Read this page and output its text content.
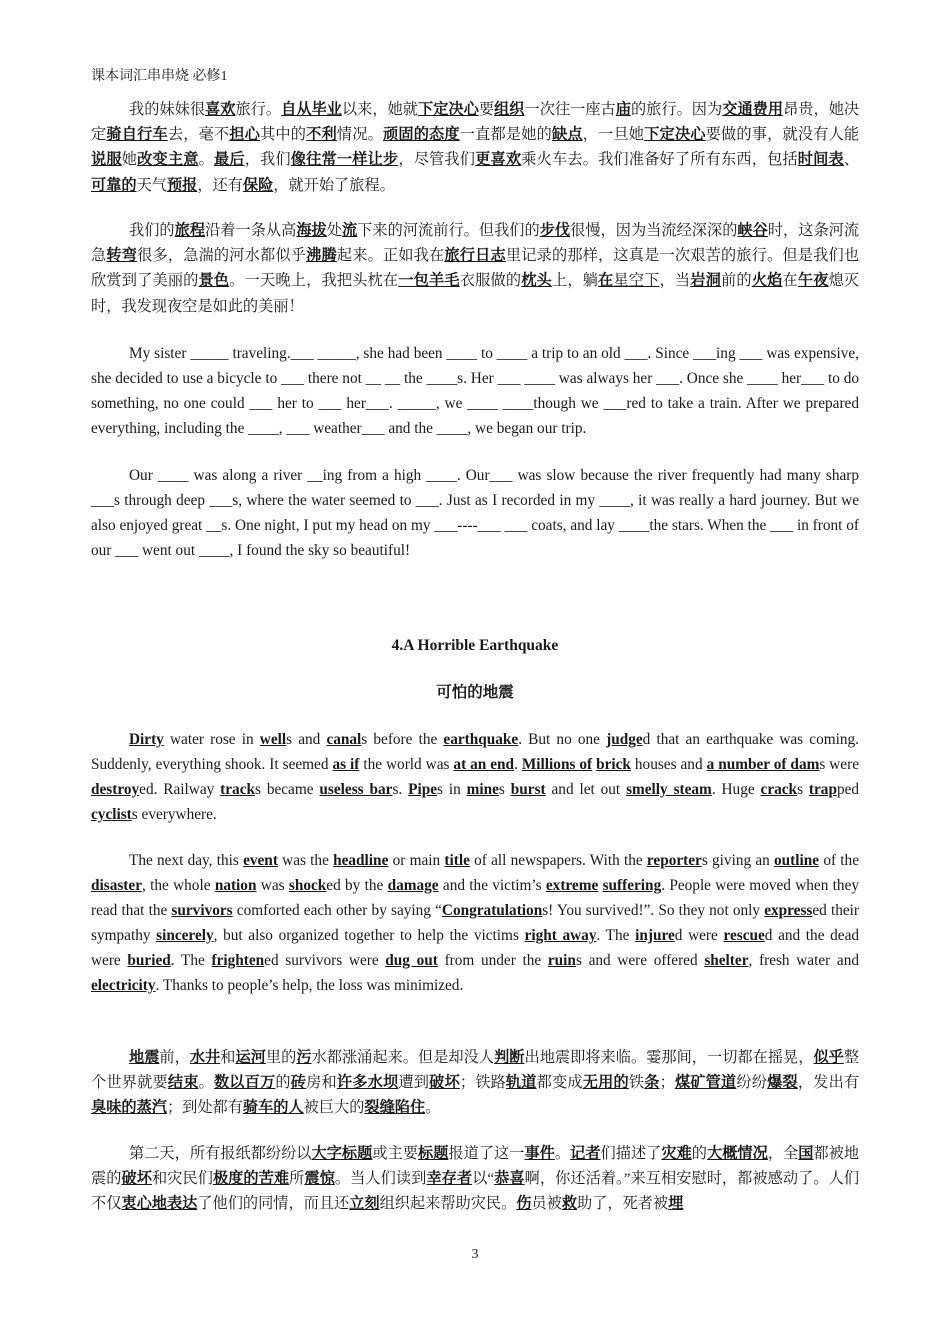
课本词汇串串烧 必修1

我的妹妹很喜欢旅行。自从毕业以来，她就下定决心要组织一次往一座古庙的旅行。因为交通费用昂贵，她决定骑自行车去，毫不担心其中的不利情况。顽固的态度一直都是她的缺点，一旦她下定决心要做的事，就没有人能说服她改变主意。最后，我们像往常一样让步，尽管我们更喜欢乘火车去。我们准备好了所有东西，包括时间表、可靠的天气预报，还有保险，就开始了旅程。

我们的旅程沿着一条从高海拔处流下来的河流前行。但我们的步伐很慢，因为当流经深深的峡谷时，这条河流急转弯很多，急湍的河水都似乎沸腾起来。正如我在旅行日志里记录的那样，这真是一次艰苦的旅行。但是我们也欣赏到了美丽的景色。一天晚上，我把头枕在一包羊毛衣服做的枕头上，躺在星空下，当岩洞前的火焰在午夜熄灭时，我发现夜空是如此的美丽！

My sister _____ traveling.___ _____, she had been ____ to ____ a trip to an old ___. Since ___ing ___ was expensive, she decided to use a bicycle to ___ there not __ __ the ____s. Her ___ ____ was always her ___. Once she ____ her___ to do something, no one could ___ her to ___ her___. _____, we ____ ____though we ___red to take a train. After we prepared everything, including the ____, ___ weather___ and the ____, we began our trip.

Our ____ was along a river __ing from a high ____. Our___ was slow because the river frequently had many sharp ___s through deep ___s, where the water seemed to ___. Just as I recorded in my ____, it was really a hard journey. But we also enjoyed great __s. One night, I put my head on my ___----___ ___ coats, and lay ____the stars. When the ___ in front of our ___ went out ____, I found the sky so beautiful!

4.A Horrible Earthquake
可怕的地震

Dirty water rose in wells and canals before the earthquake. But no one judged that an earthquake was coming. Suddenly, everything shook. It seemed as if the world was at an end. Millions of brick houses and a number of dams were destroyed. Railway tracks became useless bars. Pipes in mines burst and let out smelly steam. Huge cracks trapped cyclists everywhere.

The next day, this event was the headline or main title of all newspapers. With the reporters giving an outline of the disaster, the whole nation was shocked by the damage and the victim’s extreme suffering. People were moved when they read that the survivors comforted each other by saying “Congratulations! You survived!”. So they not only expressed their sympathy sincerely, but also organized together to help the victims right away. The injured were rescued and the dead were buried. The frightened survivors were dug out from under the ruins and were offered shelter, fresh water and electricity. Thanks to people’s help, the loss was minimized.

地震前，水井和运河里的污水都涨涌起来。但是却没人判断出地震即将来临。霎那间，一切都在摇晃，似乎整个世界就要结束。数以百万的砖房和许多水坝遭到破坏；铁路轨道都变成无用的铁条；煤矿管道纷纷爆裂，发出有臭味的蒸汽；到处都有骑车的人被巨大的裂缝陷住。

第二天，所有报纸都纷纷以大字标题或主要标题报道了这一事件。记者们描述了灾难的大概情况，全国都被地震的破坏和灾民们极度的苦难所震惊。当人们读到幸存者以“恭喜啊，你还活着。”来互相安慰时，都被感动了。人们不仅衷心地表达了他们的同情，而且还立刻组织起来帮助灾民。伤员被救助了，死者被埋

3
